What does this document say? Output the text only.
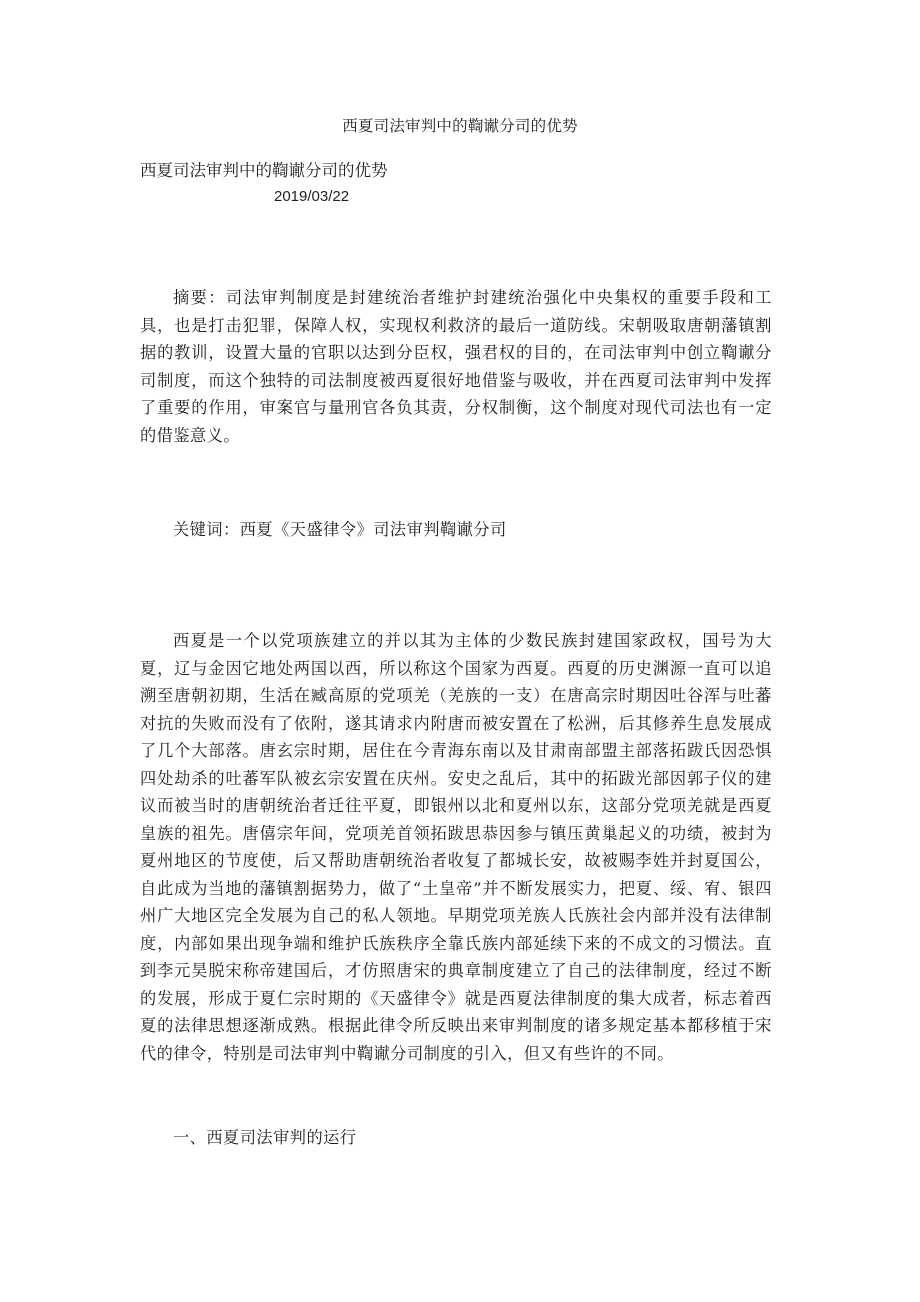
西夏司法审判中的鞫谳分司的优势
西夏司法审判中的鞫谳分司的优势
2019/03/22

摘要：司法审判制度是封建统治者维护封建统治强化中央集权的重要手段和工具，也是打击犯罪，保障人权，实现权利救济的最后一道防线。宋朝吸取唐朝藩镇割据的教训，设置大量的官职以达到分臣权，强君权的目的，在司法审判中创立鞫谳分司制度，而这个独特的司法制度被西夏很好地借鉴与吸收，并在西夏司法审判中发挥了重要的作用，审案官与量刑官各负其责，分权制衡，这个制度对现代司法也有一定的借鉴意义。

关键词：西夏《天盛律令》司法审判鞫谳分司

西夏是一个以党项族建立的并以其为主体的少数民族封建国家政权，国号为大夏，辽与金因它地处两国以西，所以称这个国家为西夏。西夏的历史渊源一直可以追溯至唐朝初期，生活在臧高原的党项羌（羌族的一支）在唐高宗时期因吐谷浑与吐蕃对抗的失败而没有了依附，遂其请求内附唐而被安置在了松洲，后其修养生息发展成了几个大部落。唐玄宗时期，居住在今青海东南以及甘肃南部盟主部落拓跋氏因恐惧四处劫杀的吐蕃军队被玄宗安置在庆州。安史之乱后，其中的拓跋光部因郭子仪的建议而被当时的唐朝统治者迁往平夏，即银州以北和夏州以东，这部分党项羌就是西夏皇族的祖先。唐僖宗年间，党项羌首领拓跋思恭因参与镇压黄巢起义的功绩，被封为夏州地区的节度使，后又帮助唐朝统治者收复了都城长安，故被赐李姓并封夏国公，自此成为当地的藩镇割据势力，做了“土皇帝”并不断发展实力，把夏、绥、宥、银四州广大地区完全发展为自己的私人领地。早期党项羌族人氏族社会内部并没有法律制度，内部如果出现争端和维护氏族秩序全靠氏族内部延续下来的不成文的习惯法。直到李元昊脱宋称帝建国后，才仿照唐宋的典章制度建立了自己的法律制度，经过不断的发展，形成于夏仁宗时期的《天盛律令》就是西夏法律制度的集大成者，标志着西夏的法律思想逐渐成熟。根据此律令所反映出来审判制度的诸多规定基本都移植于宋代的律令，特别是司法审判中鞫谳分司制度的引入，但又有些许的不同。

一、西夏司法审判的运行
